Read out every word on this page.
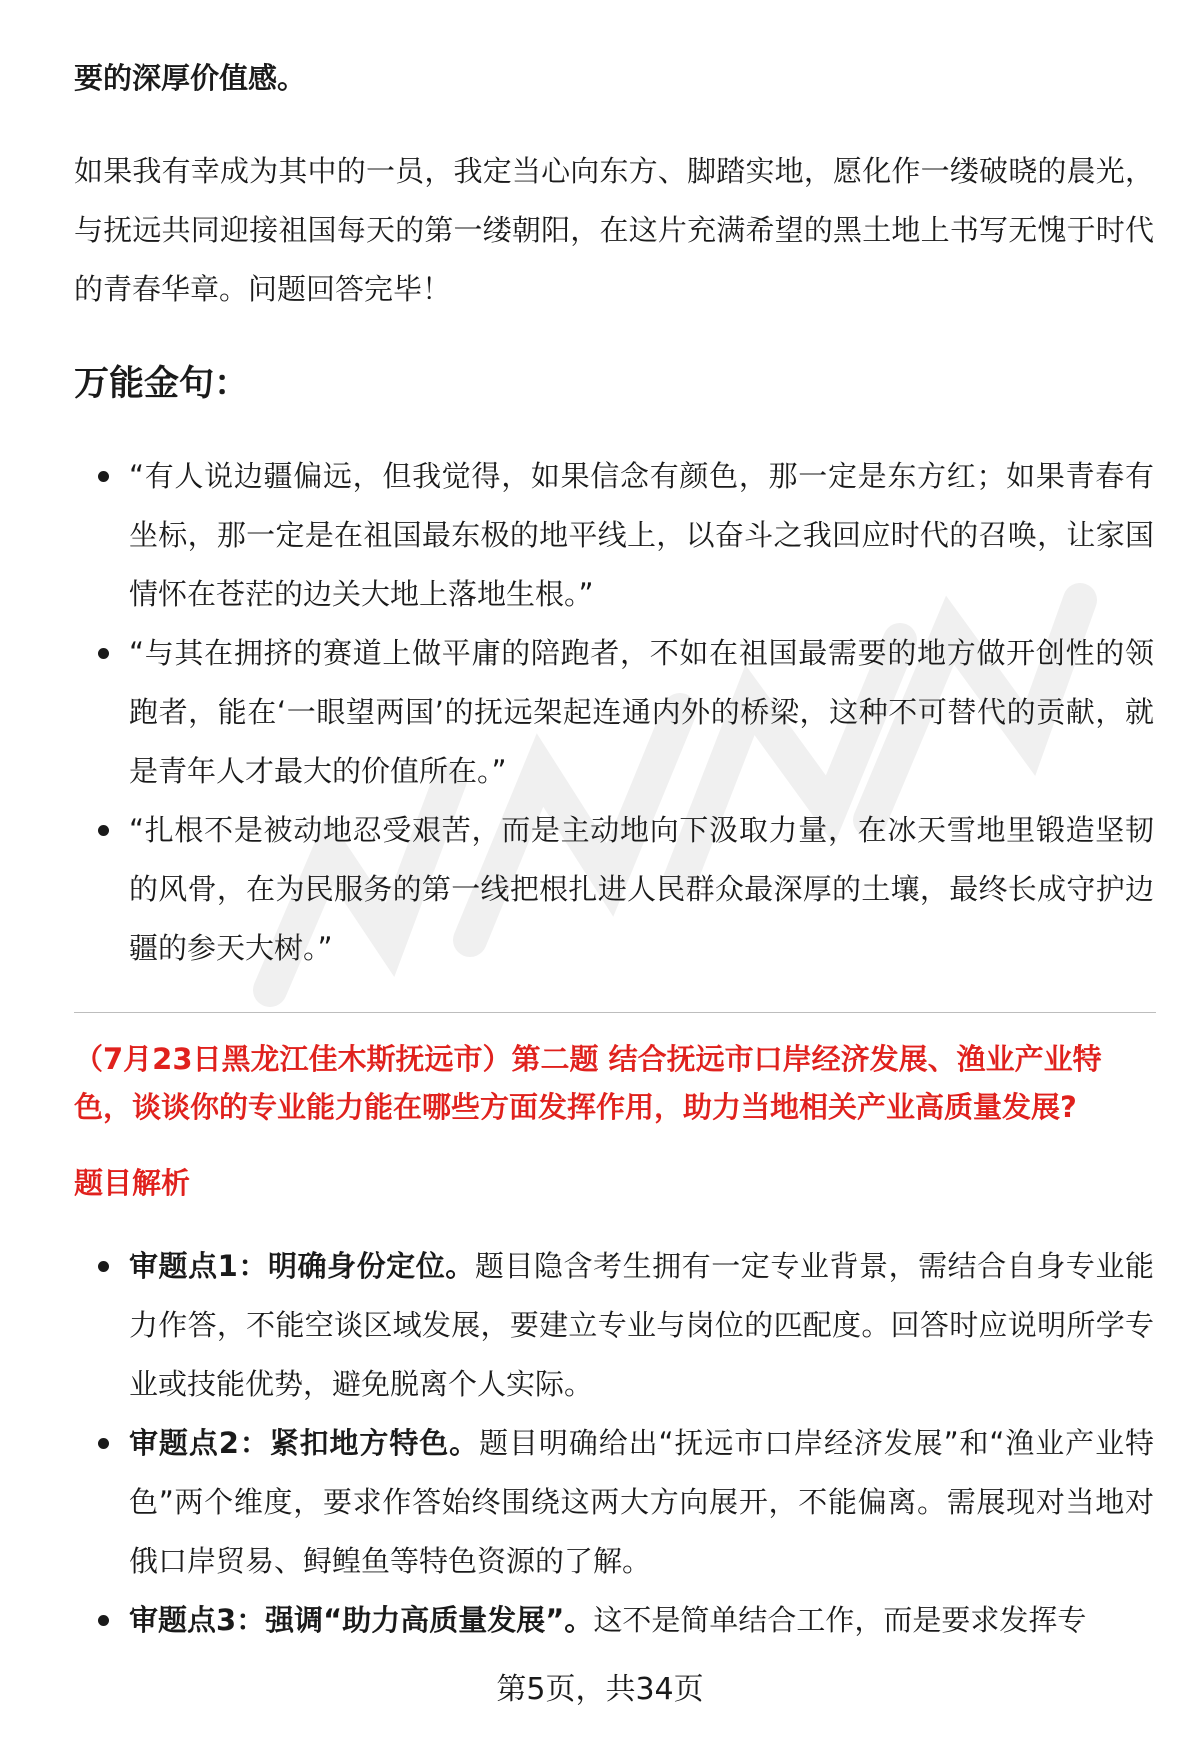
要的深厚价值感。

如果我有幸成为其中的一员，我定当心向东方、脚踏实地，愿化作一缕破晓的晨光，与抚远共同迎接祖国每天的第一缕朝阳，在这片充满希望的黑土地上书写无愧于时代的青春华章。问题回答完毕！

万能金句：
“有人说边疆偏远，但我觉得，如果信念有颜色，那一定是东方红；如果青春有坐标，那一定是在祖国最东极的地平线上，以奋斗之我回应时代的召唤，让家国情怀在苍茫的边关大地上落地生根。”
“与其在拥挤的赛道上做平庸的陪跑者，不如在祖国最需要的地方做开创性的领跑者，能在‘一眼望两国’的抚远架起连通内外的桥梁，这种不可替代的贡献，就是青年人才最大的价值所在。”
“扎根不是被动地忍受艰苦，而是主动地向下汲取力量，在冰天雪地里锻造坚韧的风骨，在为民服务的第一线把根扎进人民群众最深厚的土壤，最终长成守护边疆的参天大树。”

（7月23日黑龙江佳木斯抚远市）第二题 结合抚远市口岸经济发展、渔业产业特色，谈谈你的专业能力能在哪些方面发挥作用，助力当地相关产业高质量发展?

题目解析

审题点1：明确身份定位。题目隐含考生拥有一定专业背景，需结合自身专业能力作答，不能空谈区域发展，要建立专业与岗位的匹配度。回答时应说明所学专业或技能优势，避免脱离个人实际。
审题点2：紧扣地方特色。题目明确给出“抚远市口岸经济发展”和“渔业产业特色”两个维度，要求作答始终围绕这两大方向展开，不能偏离。需展现对当地对俄口岸贸易、鲟鳇鱼等特色资源的了解。
审题点3：强调“助力高质量发展”。这不是简单结合工作，而是要求发挥专
第5页，共34页
